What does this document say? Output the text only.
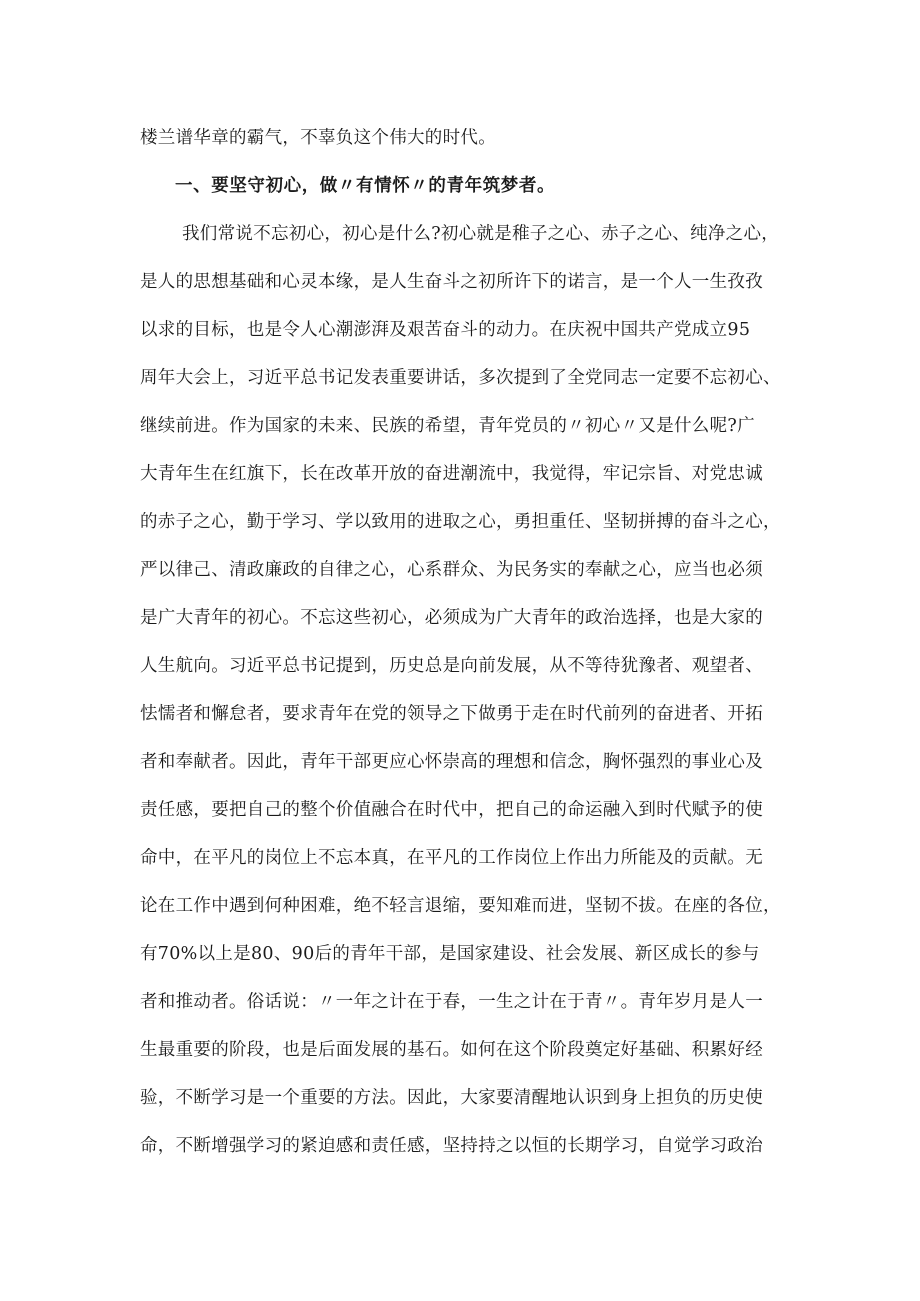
楼兰谱华章的霸气，不辜负这个伟大的时代。
一、要坚守初心，做〃有情怀〃的青年筑梦者。
我们常说不忘初心，初心是什么?初心就是稚子之心、赤子之心、纯净之心，
是人的思想基础和心灵本缘，是人生奋斗之初所许下的诺言，是一个人一生孜孜
以求的目标，也是令人心潮澎湃及艰苦奋斗的动力。在庆祝中国共产党成立95
周年大会上，习近平总书记发表重要讲话，多次提到了全党同志一定要不忘初心、
继续前进。作为国家的未来、民族的希望，青年党员的〃初心〃又是什么呢?广
大青年生在红旗下，长在改革开放的奋进潮流中，我觉得，牢记宗旨、对党忠诚
的赤子之心，勤于学习、学以致用的进取之心，勇担重任、坚韧拼搏的奋斗之心，
严以律己、清政廉政的自律之心，心系群众、为民务实的奉献之心，应当也必须
是广大青年的初心。不忘这些初心，必须成为广大青年的政治选择，也是大家的
人生航向。习近平总书记提到，历史总是向前发展，从不等待犹豫者、观望者、
怯懦者和懈怠者，要求青年在党的领导之下做勇于走在时代前列的奋进者、开拓
者和奉献者。因此，青年干部更应心怀崇高的理想和信念，胸怀强烈的事业心及
责任感，要把自己的整个价值融合在时代中，把自己的命运融入到时代赋予的使
命中，在平凡的岗位上不忘本真，在平凡的工作岗位上作出力所能及的贡献。无
论在工作中遇到何种困难，绝不轻言退缩，要知难而进，坚韧不拔。在座的各位，
有70%以上是80、90后的青年干部，是国家建设、社会发展、新区成长的参与
者和推动者。俗话说：〃一年之计在于春，一生之计在于青〃。青年岁月是人一
生最重要的阶段，也是后面发展的基石。如何在这个阶段奠定好基础、积累好经
验，不断学习是一个重要的方法。因此，大家要清醒地认识到身上担负的历史使
命，不断增强学习的紧迫感和责任感，坚持持之以恒的长期学习，自觉学习政治
